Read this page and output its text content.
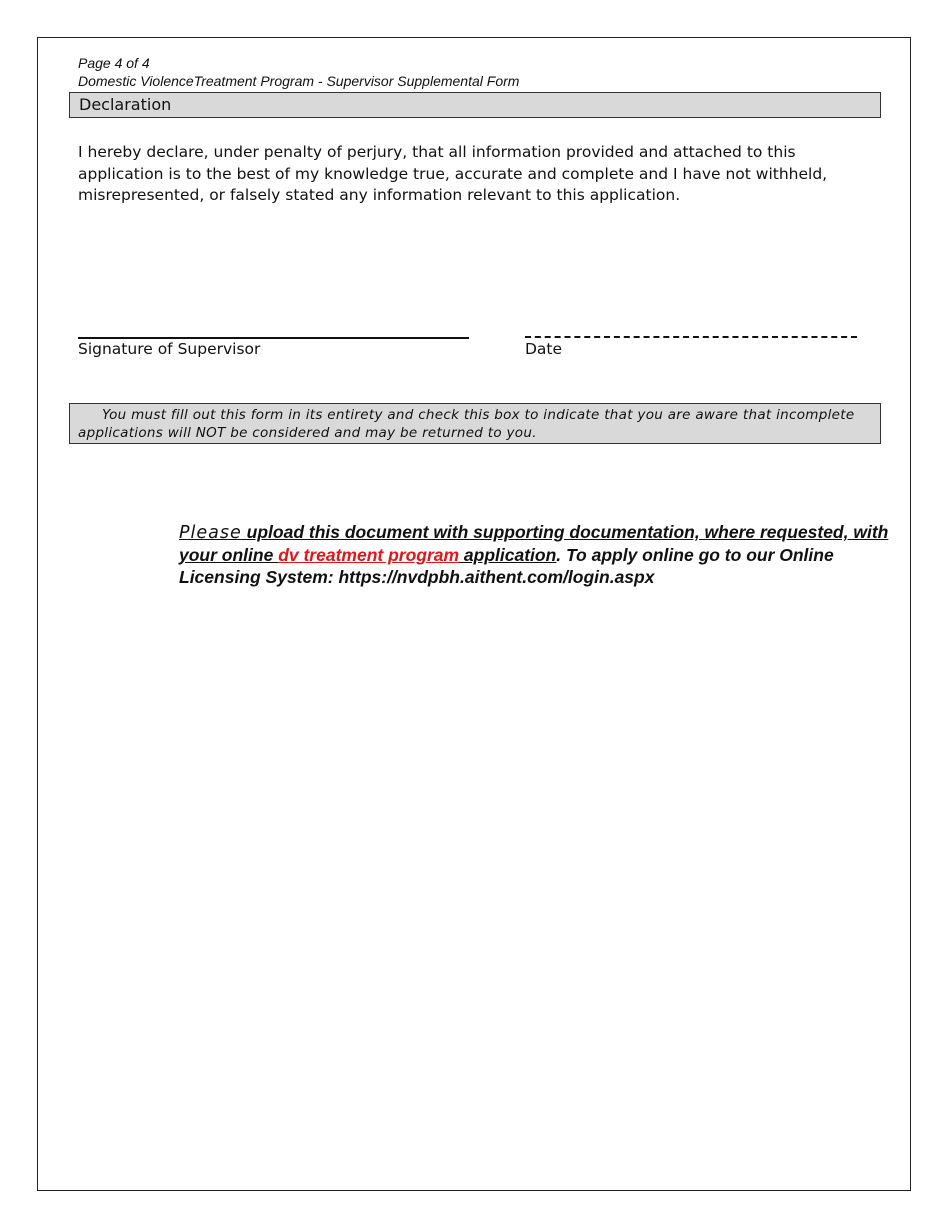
Page 4 of 4
Domestic ViolenceTreatment Program - Supervisor Supplemental Form
Declaration
I hereby declare, under penalty of perjury, that all information provided and attached to this application is to the best of my knowledge true, accurate and complete and I have not withheld, misrepresented, or falsely stated any information relevant to this application.
Signature of Supervisor	Date
You must fill out this form in its entirety and check this box to indicate that you are aware that incomplete applications will NOT be considered and may be returned to you.
Please upload this document with supporting documentation, where requested, with your online dv treatment program application. To apply online go to our Online Licensing System: https://nvdpbh.aithent.com/login.aspx
